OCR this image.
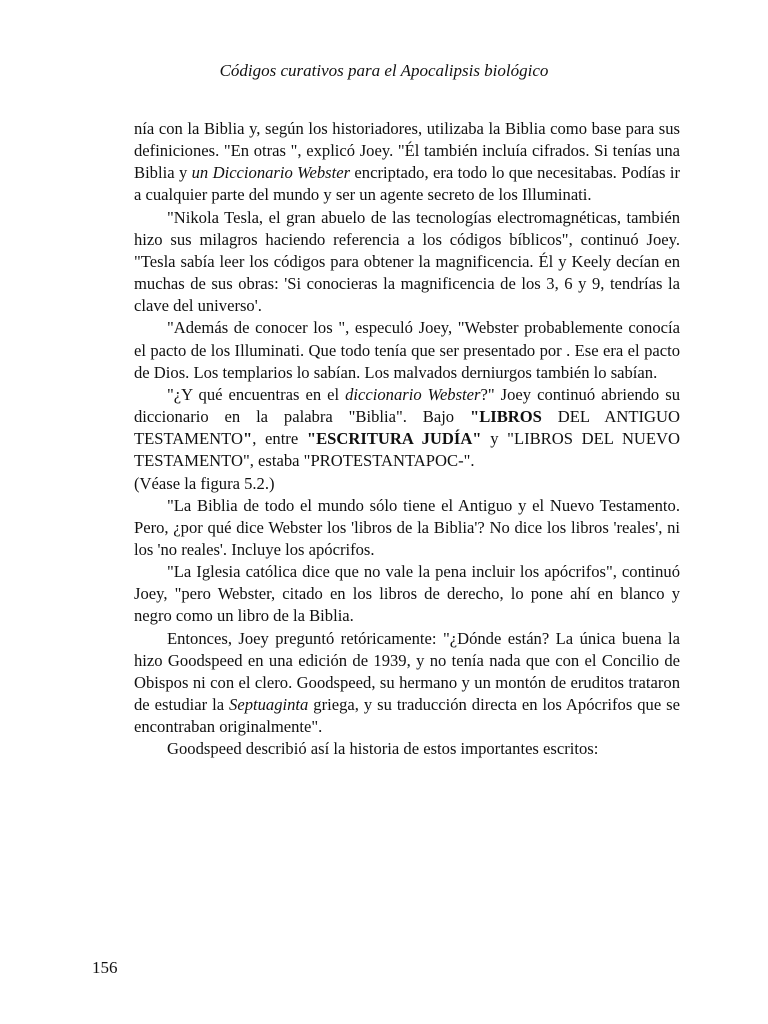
Códigos curativos para el Apocalipsis biológico

nía con la Biblia y, según los historiadores, utilizaba la Biblia como base para sus definiciones. "En otras ", explicó Joey. "Él también incluía cifrados. Si tenías una Biblia y un Diccionario Webster encriptado, era todo lo que necesitabas. Podías ir a cualquier parte del mundo y ser un agente secreto de los Illuminati.

"Nikola Tesla, el gran abuelo de las tecnologías electromagnéticas, también hizo sus milagros haciendo referencia a los códigos bíblicos", continuó Joey. "Tesla sabía leer los códigos para obtener la magnificencia. Él y Keely decían en muchas de sus obras: 'Si conocieras la magnificencia de los 3, 6 y 9, tendrías la clave del universo'.

"Además de conocer los ", especuló Joey, "Webster probablemente conocía el pacto de los Illuminati. Que todo tenía que ser presentado por . Ese era el pacto de Dios. Los templarios lo sabían. Los malvados derniurgos también lo sabían.

"¿Y qué encuentras en el diccionario Webster?" Joey continuó abriendo su diccionario en la palabra "Biblia". Bajo "LIBROS DEL ANTIGUO TESTAMENTO", entre "ESCRITURA JUDÍA" y "LIBROS DEL NUEVO TESTAMENTO", estaba "PROTESTANTAPOC-".

(Véase la figura 5.2.)

"La Biblia de todo el mundo sólo tiene el Antiguo y el Nuevo Testamento. Pero, ¿por qué dice Webster los 'libros de la Biblia'? No dice los libros 'reales', ni los 'no reales'. Incluye los apócrifos.

"La Iglesia católica dice que no vale la pena incluir los apócrifos", continuó Joey, "pero Webster, citado en los libros de derecho, lo pone ahí en blanco y negro como un libro de la Biblia.

Entonces, Joey preguntó retóricamente: "¿Dónde están? La única buena la hizo Goodspeed en una edición de 1939, y no tenía nada que con el Concilio de Obispos ni con el clero. Goodspeed, su hermano y un montón de eruditos trataron de estudiar la Septuaginta griega, y su traducción directa en los Apócrifos que se encontraban originalmente".

Goodspeed describió así la historia de estos importantes escritos:

156
